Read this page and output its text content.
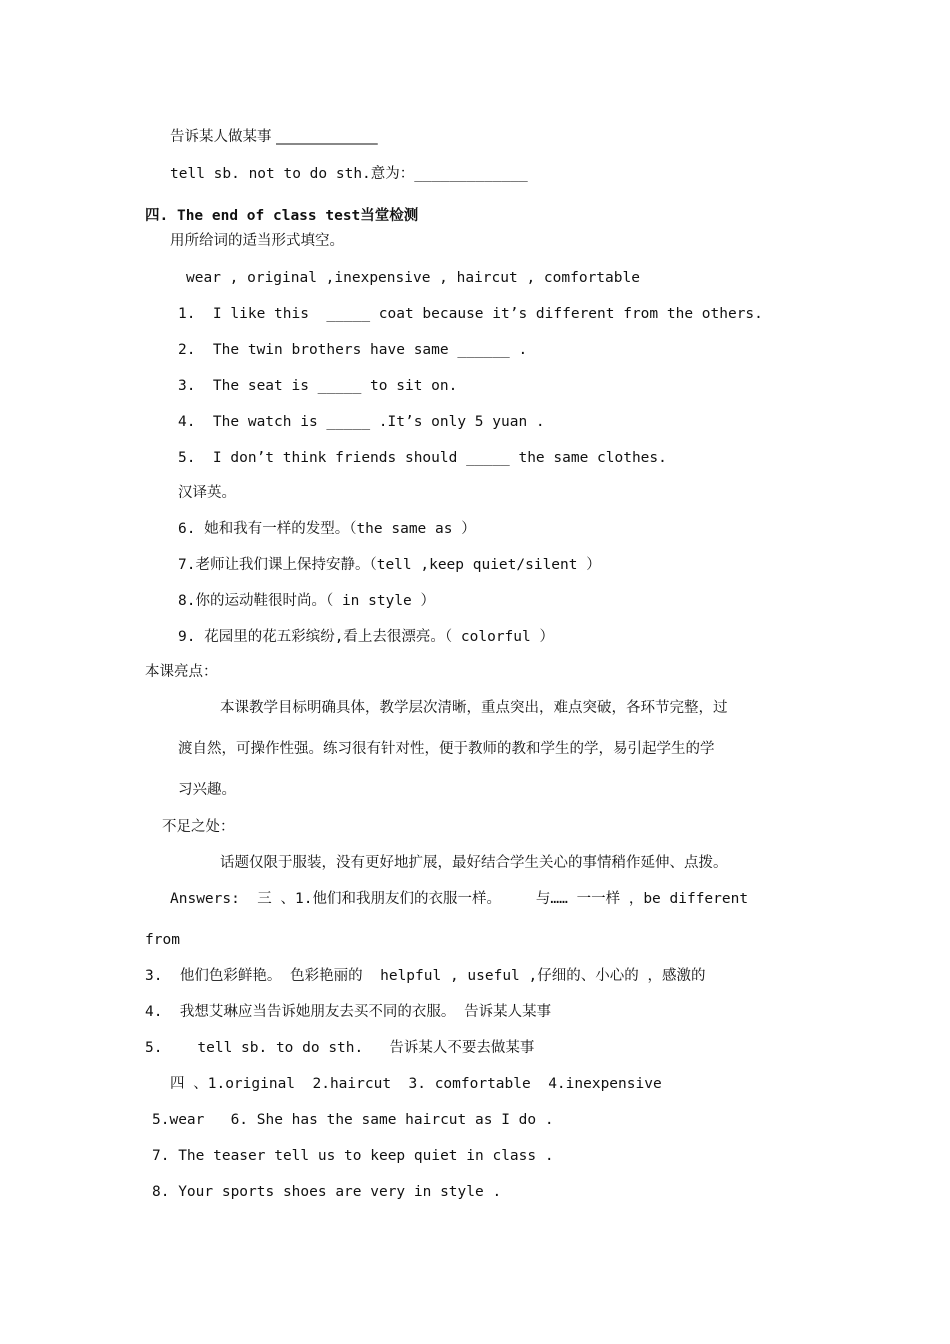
告诉某人做某事 ______________
tell sb. not to do sth.意为：_____________
四. The end of class test当堂检测
用所给词的适当形式填空。
wear , original ,inexpensive , haircut , comfortable
1.  I like this  _____ coat because it’s different from the others.
2.  The twin brothers have same ______ .
3.  The seat is _____ to sit on.
4.  The watch is _____ .It’s only 5 yuan .
5.  I don’t think friends should _____ the same clothes.
汉译英。
6. 她和我有一样的发型。（the same as ）
7.老师让我们课上保持安静。（tell ,keep quiet/silent ）
8.你的运动鞋很时尚。（ in style ）
9. 花园里的花五彩缤纷,看上去很漂亮。（ colorful ）
本课亮点：
本课教学目标明确具体，教学层次清晰，重点突出，难点突破，各环节完整，过
渡自然，可操作性强。练习很有针对性，便于教师的教和学生的学，易引起学生的学
习兴趣。
不足之处：
话题仅限于服装，没有更好地扩展，最好结合学生关心的事情稍作延伸、点拨。
Answers:  三 、1.他们和我朋友们的衣服一样。    与…… 一一样 ，be different
from
3.  他们色彩鲜艳。 色彩艳丽的  helpful , useful ,仔细的、小心的 ，感激的
4.  我想艾琳应当告诉她朋友去买不同的衣服。 告诉某人某事
5.    tell sb. to do sth.   告诉某人不要去做某事
四 、1.original  2.haircut  3. comfortable  4.inexpensive
5.wear   6. She has the same haircut as I do .
7. The teaser tell us to keep quiet in class .
8. Your sports shoes are very in style .
